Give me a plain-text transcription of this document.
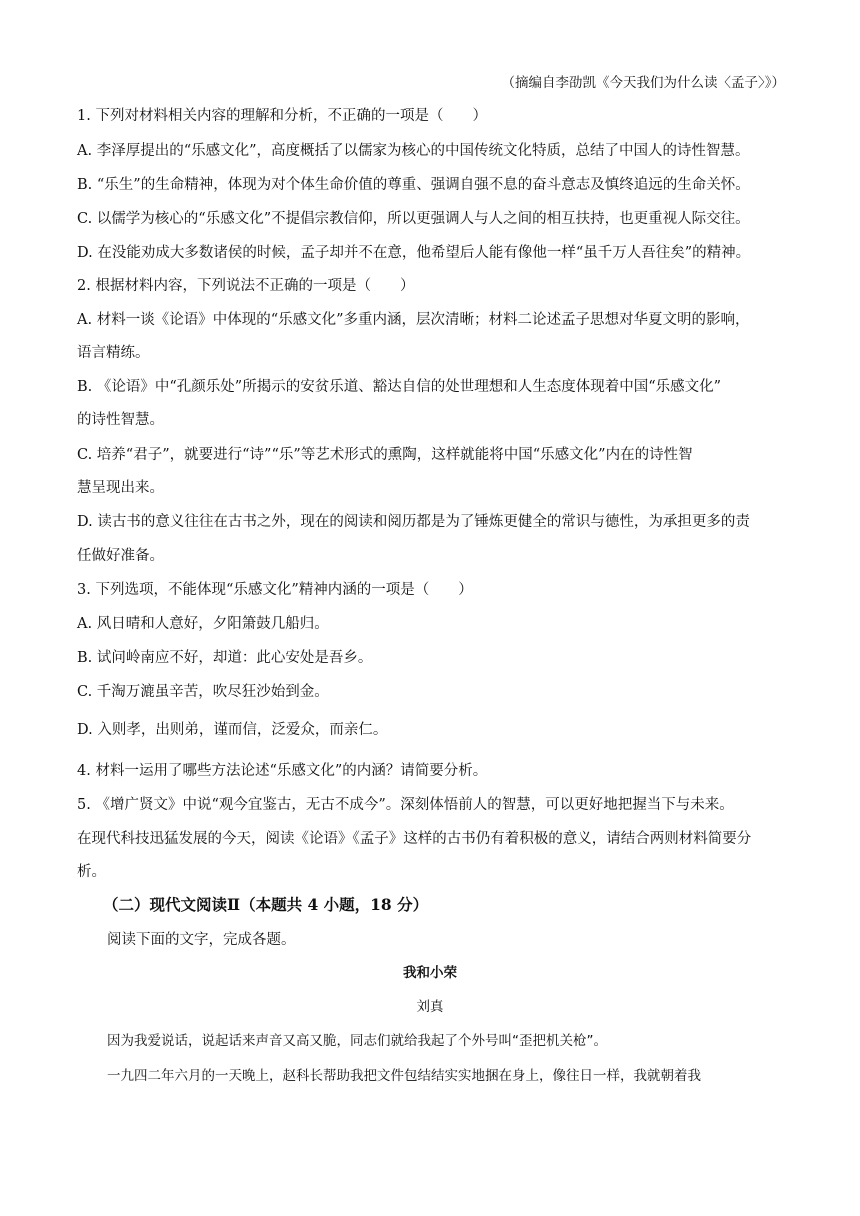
（摘编自李劭凯《今天我们为什么读〈孟子〉》）
1. 下列对材料相关内容的理解和分析，不正确的一项是（　　）
A. 李泽厚提出的“乐感文化”，高度概括了以儒家为核心的中国传统文化特质，总结了中国人的诗性智慧。
B. “乐生”的生命精神，体现为对个体生命价值的尊重、强调自强不息的奋斗意志及慎终追远的生命关怀。
C. 以儒学为核心的“乐感文化”不提倡宗教信仰，所以更强调人与人之间的相互扶持，也更重视人际交往。
D. 在没能劝成大多数诸侯的时候，孟子却并不在意，他希望后人能有像他一样“虽千万人吾往矣”的精神。
2. 根据材料内容，下列说法不正确的一项是（　　）
A. 材料一谈《论语》中体现的“乐感文化”多重内涵，层次清晰；材料二论述孟子思想对华夏文明的影响，
语言精练。
B. 《论语》中“孔颜乐处”所揭示的安贫乐道、豁达自信的处世理想和人生态度体现着中国“乐感文化”
的诗性智慧。
C. 培养“君子”，就要进行“诗”“乐”等艺术形式的熏陶，这样就能将中国“乐感文化”内在的诗性智
慧呈现出来。
D. 读古书的意义往往在古书之外，现在的阅读和阅历都是为了锤炼更健全的常识与德性，为承担更多的责
任做好准备。
3. 下列选项，不能体现“乐感文化”精神内涵的一项是（　　）
A. 风日晴和人意好，夕阳箫鼓几船归。
B. 试问岭南应不好，却道：此心安处是吾乡。
C. 千淘万漉虽辛苦，吹尽狂沙始到金。
D. 入则孝，出则弟，谨而信，泛爱众，而亲仁。
4. 材料一运用了哪些方法论述“乐感文化”的内涵？请简要分析。
5. 《增广贤文》中说“观今宜鉴古，无古不成今”。深刻体悟前人的智慧，可以更好地把握当下与未来。
在现代科技迅猛发展的今天，阅读《论语》《孟子》这样的古书仍有着积极的意义，请结合两则材料简要分
析。
（二）现代文阅读Ⅱ（本题共 4 小题，18 分）
阅读下面的文字，完成各题。
我和小荣
刘真
因为我爱说话，说起话来声音又高又脆，同志们就给我起了个外号叫“歪把机关枪”。
一九四二年六月的一天晚上，赵科长帮助我把文件包结结实实地捆在身上，像往日一样，我就朝着我
